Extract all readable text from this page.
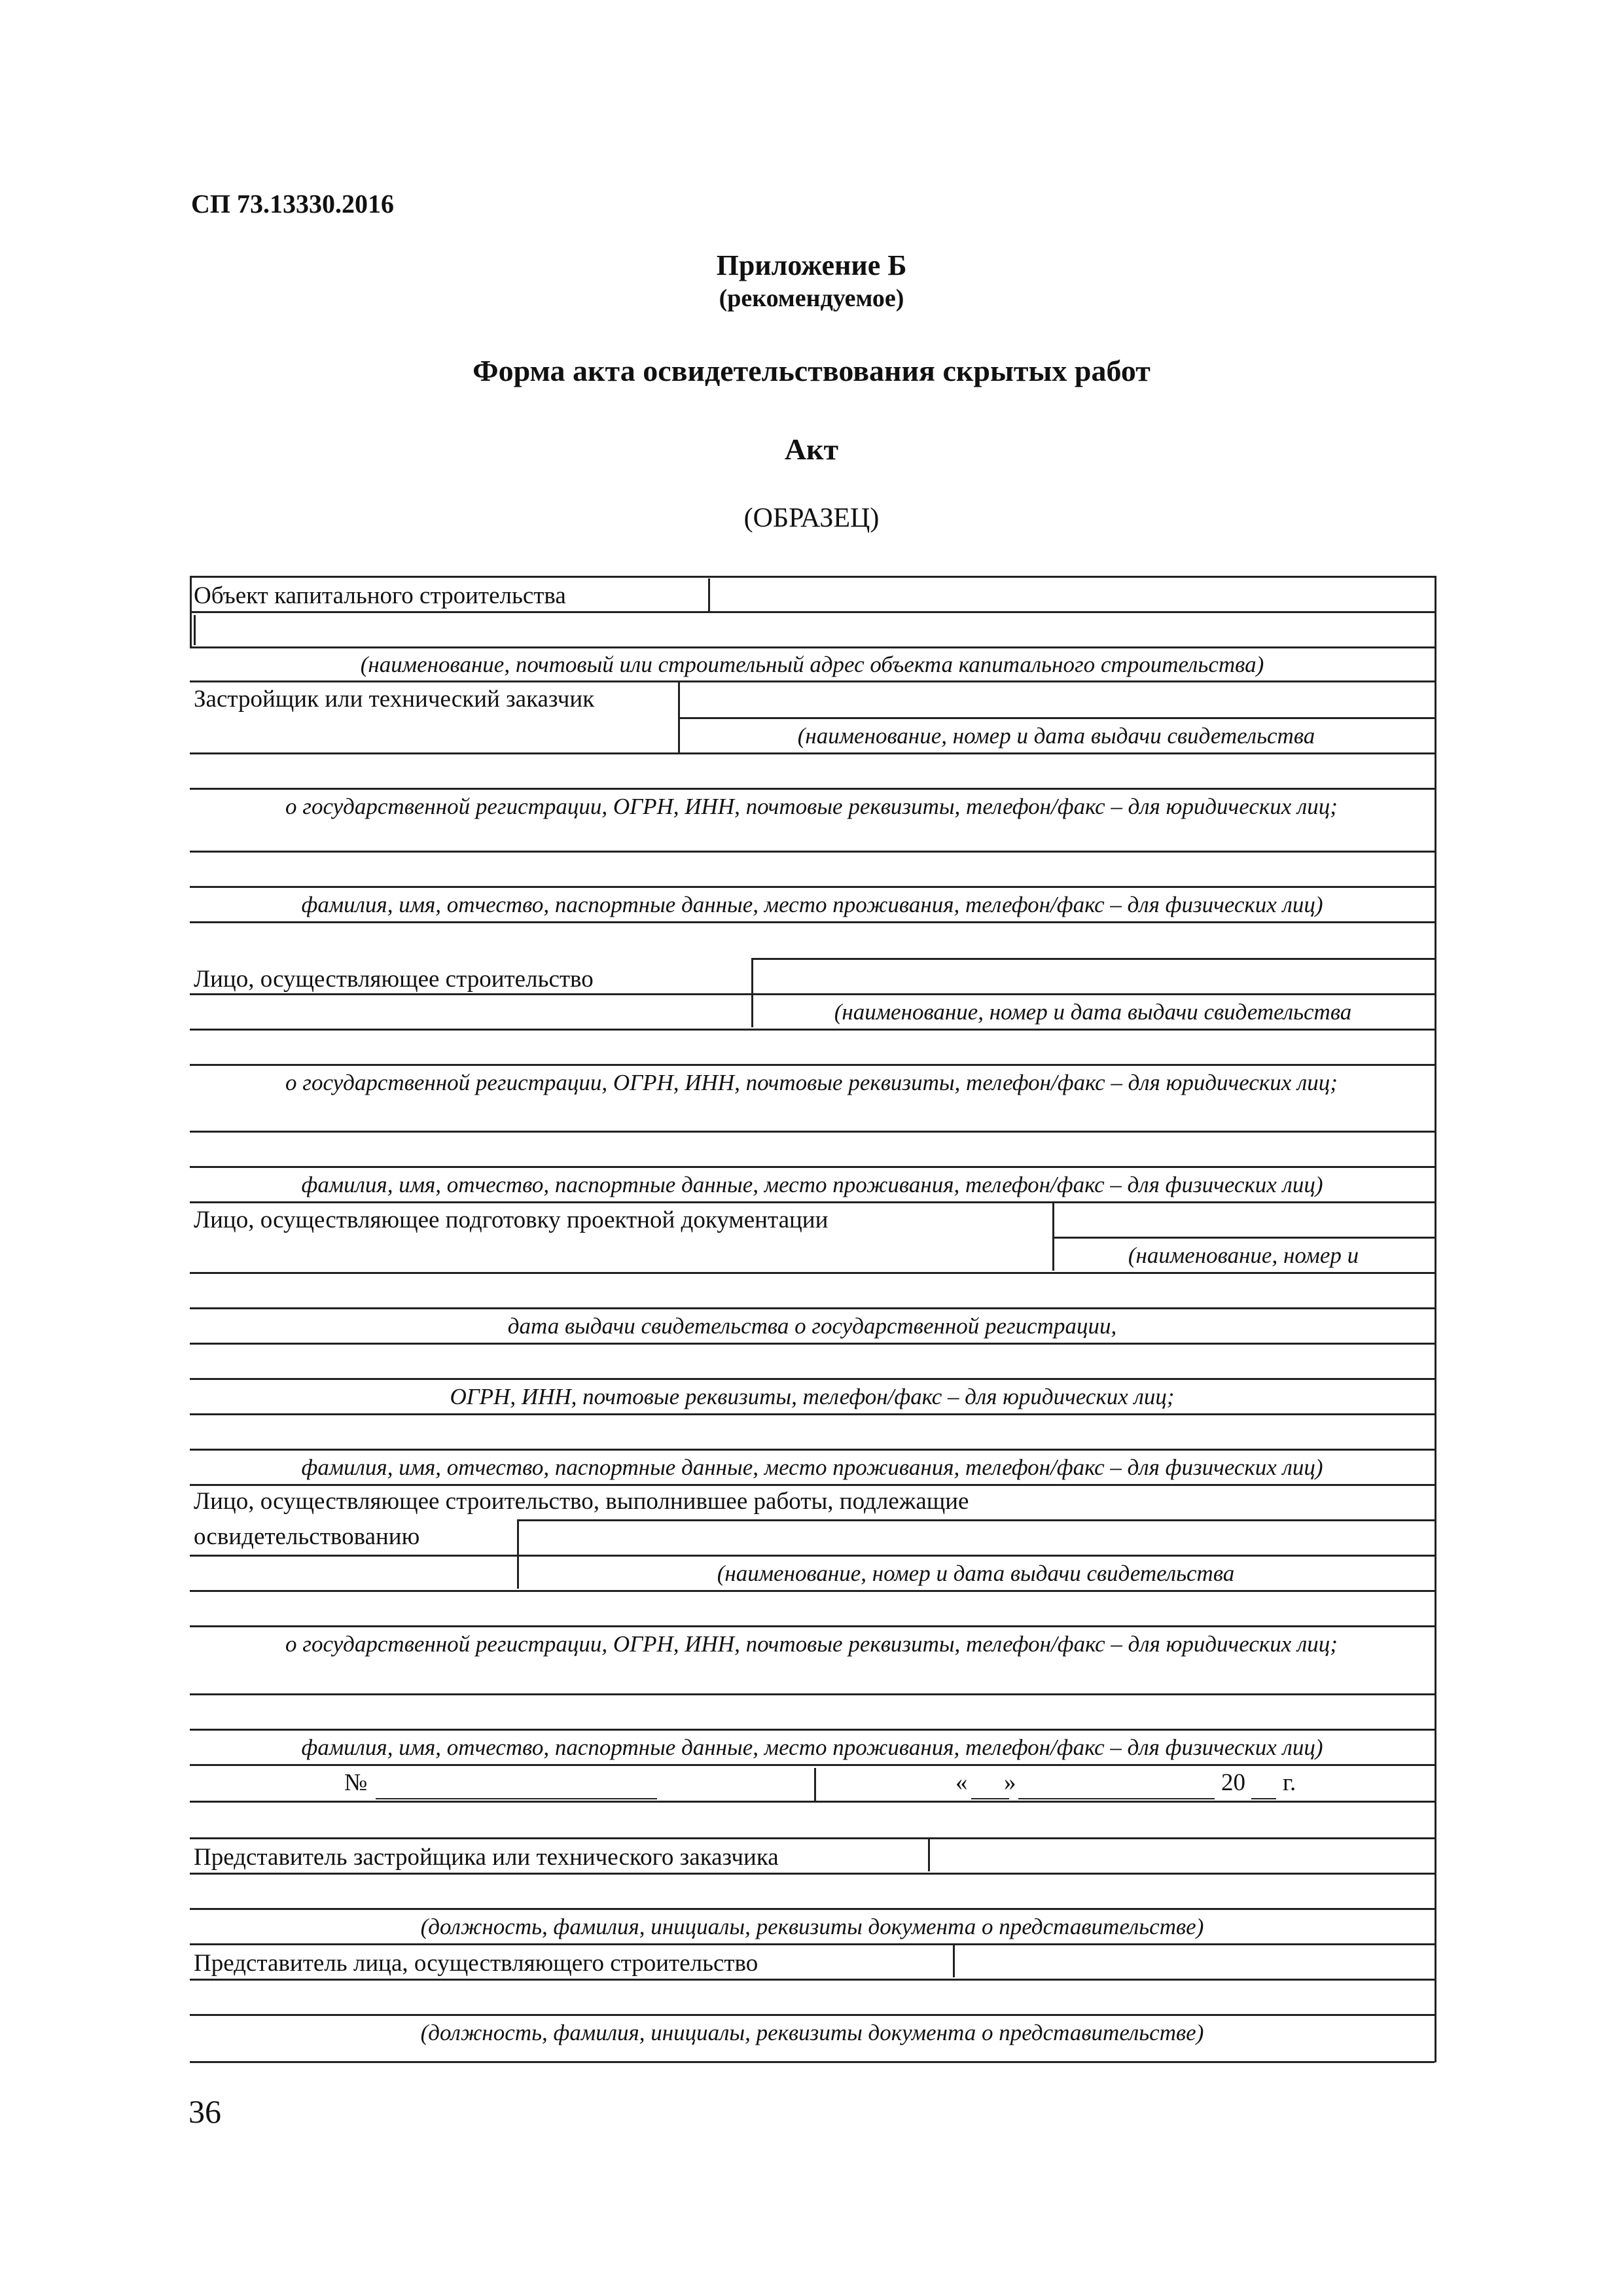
СП 73.13330.2016
Приложение Б
(рекомендуемое)
Форма акта освидетельствования скрытых работ
Акт
(ОБРАЗЕЦ)
Объект капитального строительства
(наименование, почтовый или строительный адрес объекта капитального строительства)
Застройщик или технический заказчик
(наименование, номер и дата выдачи свидетельства
о государственной регистрации, ОГРН, ИНН, почтовые реквизиты, телефон/факс – для юридических лиц;
фамилия, имя, отчество, паспортные данные, место проживания, телефон/факс – для физических лиц)
Лицо, осуществляющее строительство
(наименование, номер и дата выдачи свидетельства
о государственной регистрации, ОГРН, ИНН, почтовые реквизиты, телефон/факс – для юридических лиц;
фамилия, имя, отчество, паспортные данные, место проживания, телефон/факс – для физических лиц)
Лицо, осуществляющее подготовку проектной документации
(наименование, номер и
дата выдачи свидетельства о государственной регистрации,
ОГРН, ИНН, почтовые реквизиты, телефон/факс – для юридических лиц;
фамилия, имя, отчество, паспортные данные, место проживания, телефон/факс – для физических лиц)
Лицо, осуществляющее строительство, выполнившее работы, подлежащие
освидетельствованию
(наименование, номер и дата выдачи свидетельства
о государственной регистрации, ОГРН, ИНН, почтовые реквизиты, телефон/факс – для юридических лиц;
фамилия, имя, отчество, паспортные данные, место проживания, телефон/факс – для физических лиц)
№	« »	20 г.
Представитель застройщика или технического заказчика
(должность, фамилия, инициалы, реквизиты документа о представительстве)
Представитель лица, осуществляющего строительство
(должность, фамилия, инициалы, реквизиты документа о представительстве)
36
